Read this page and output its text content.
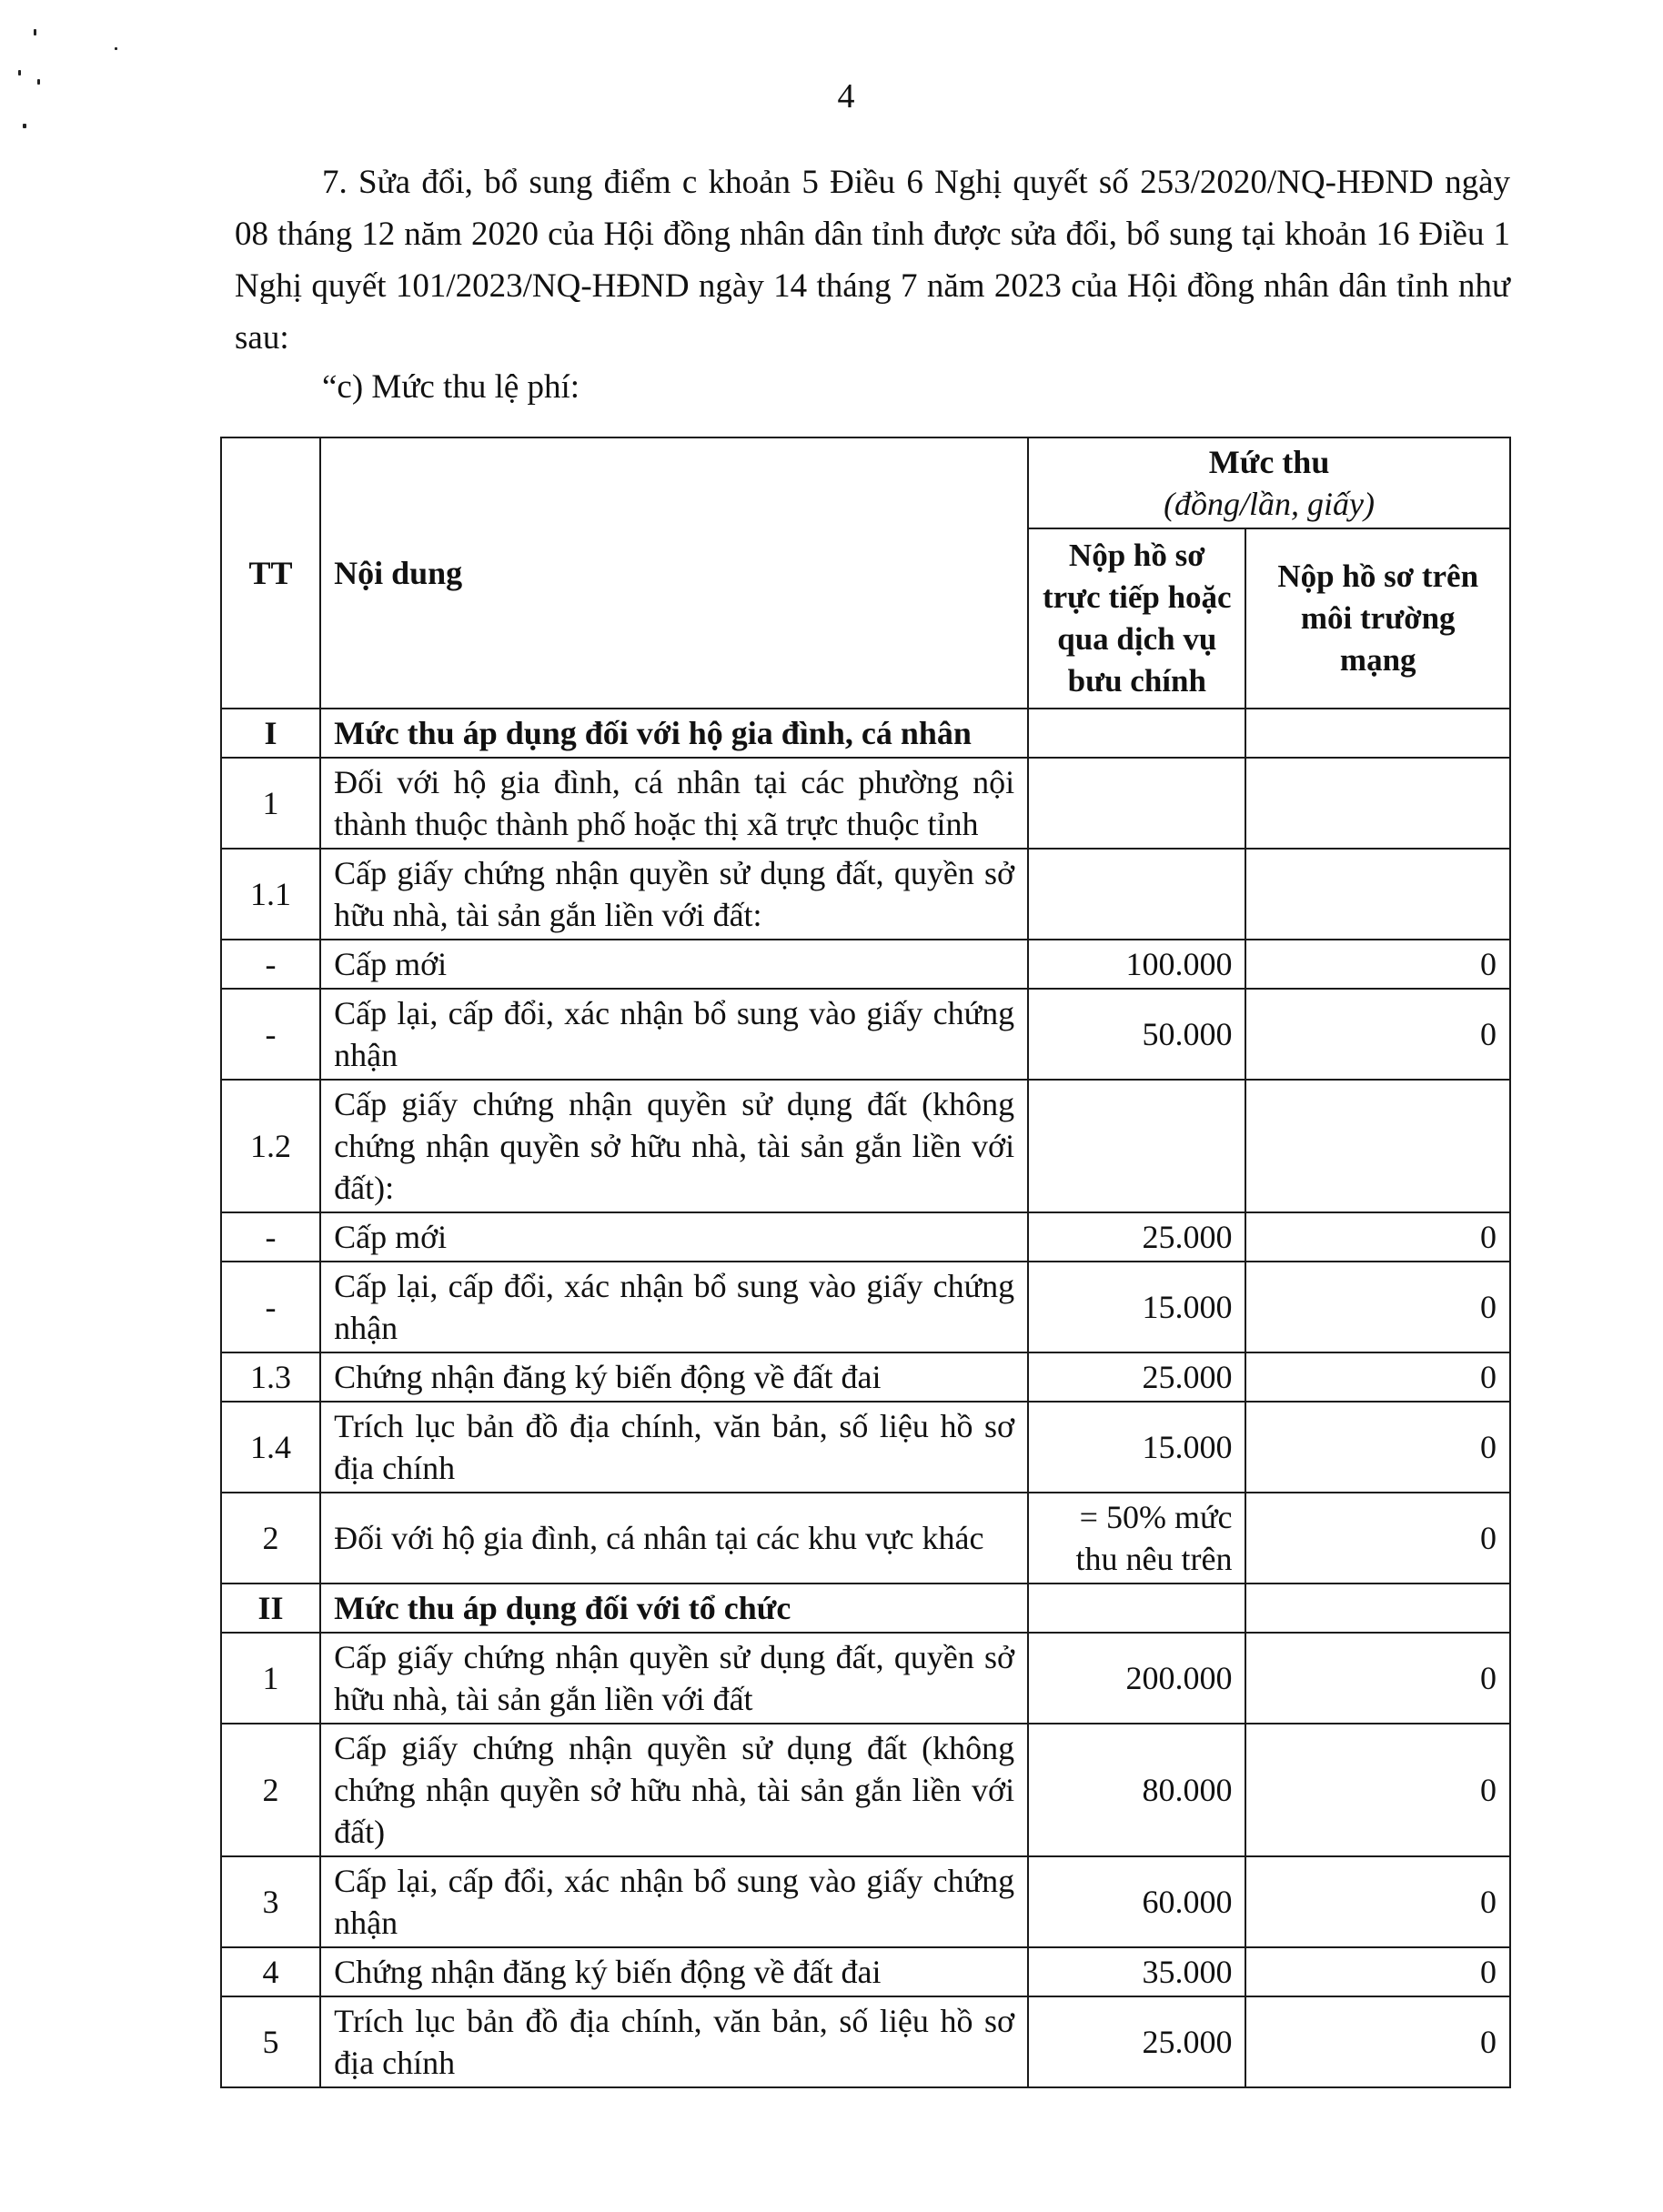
4

7. Sửa đổi, bổ sung điểm c khoản 5 Điều 6 Nghị quyết số 253/2020/NQ-HĐND ngày 08 tháng 12 năm 2020 của Hội đồng nhân dân tỉnh được sửa đổi, bổ sung tại khoản 16 Điều 1 Nghị quyết 101/2023/NQ-HĐND ngày 14 tháng 7 năm 2023 của Hội đồng nhân dân tỉnh như sau:

“c) Mức thu lệ phí:
TT	Nội dung	Mức thu
(đồng/lần, giấy)	

		Nộp hồ sơ trực tiếp hoặc qua dịch vụ bưu chính	Nộp hồ sơ trên môi trường mạng
I	Mức thu áp dụng đối với hộ gia đình, cá nhân		
1	Đối với hộ gia đình, cá nhân tại các phường nội thành thuộc thành phố hoặc thị xã trực thuộc tỉnh		
1.1	Cấp giấy chứng nhận quyền sử dụng đất, quyền sở hữu nhà, tài sản gắn liền với đất:		
-	Cấp mới	100.000	0
-	Cấp lại, cấp đổi, xác nhận bổ sung vào giấy chứng nhận	50.000	0
1.2	Cấp giấy chứng nhận quyền sử dụng đất (không chứng nhận quyền sở hữu nhà, tài sản gắn liền với đất):		
-	Cấp mới	25.000	0
-	Cấp lại, cấp đổi, xác nhận bổ sung vào giấy chứng nhận	15.000	0
1.3	Chứng nhận đăng ký biến động về đất đai	25.000	0
1.4	Trích lục bản đồ địa chính, văn bản, số liệu hồ sơ địa chính	15.000	0
2	Đối với hộ gia đình, cá nhân tại các khu vực khác	= 50% mức thu nêu trên	0
II	Mức thu áp dụng đối với tổ chức		
1	Cấp giấy chứng nhận quyền sử dụng đất, quyền sở hữu nhà, tài sản gắn liền với đất	200.000	0
2	Cấp giấy chứng nhận quyền sử dụng đất (không chứng nhận quyền sở hữu nhà, tài sản gắn liền với đất)	80.000	0
3	Cấp lại, cấp đổi, xác nhận bổ sung vào giấy chứng nhận	60.000	0
4	Chứng nhận đăng ký biến động về đất đai	35.000	0
5	Trích lục bản đồ địa chính, văn bản, số liệu hồ sơ địa chính	25.000	0
